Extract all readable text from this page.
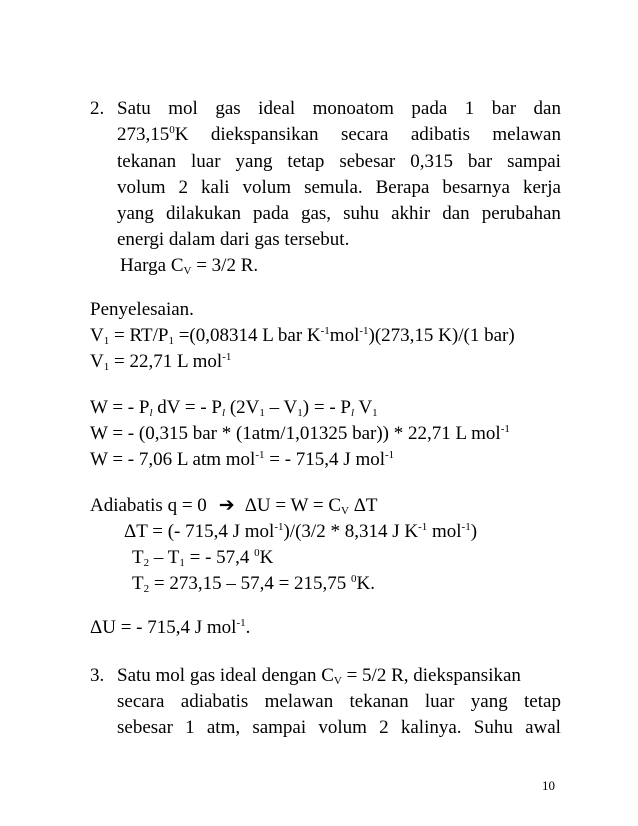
2. Satu mol gas ideal monoatom pada 1 bar dan
273,15$^0$K diekspansikan secara adibatis melawan
tekanan luar yang tetap sebesar 0,315 bar sampai
volum 2 kali volum semula. Berapa besarnya kerja
yang dilakukan pada gas, suhu akhir dan perubahan
energi dalam dari gas tersebut.
Harga $C_V = 3/2$ R.
Penyelesaian.
$V_1 = RT/P_1 =(0,08314$ L bar $K^{-1}mol^{-1})(273,15$ K)/(1 bar)
$V_1 = 22,71$ L mol$^{-1}$
W = - $P_l$ dV = - $P_l$ $(2V_1 - V_1)$ = - $P_l$ $V_1$
W = - (0,315 bar * (1atm/1,01325 bar)) * 22,71 L mol$^{-1}$
W = - 7,06 L atm mol$^{-1}$ = - 715,4 J mol$^{-1}$
Adiabatis q = 0 ➔ $\Delta U = W = C_V$ ΔT
ΔT = (- 715,4 J mol$^{-1}$)/(3/2 * 8,314 J $K^{-1}$ mol$^{-1}$)
$T_2 - T_1$ = - 57,4 $^0$K
$T_2 = 273,15 - 57,4 = 215,75$ $^0$K.
ΔU = - 715,4 J mol$^{-1}$.
3. Satu mol gas ideal dengan $C_V = 5/2$ R, diekspansikan
secara adiabatis melawan tekanan luar yang tetap
sebesar 1 atm, sampai volum 2 kalinya. Suhu awal
10
